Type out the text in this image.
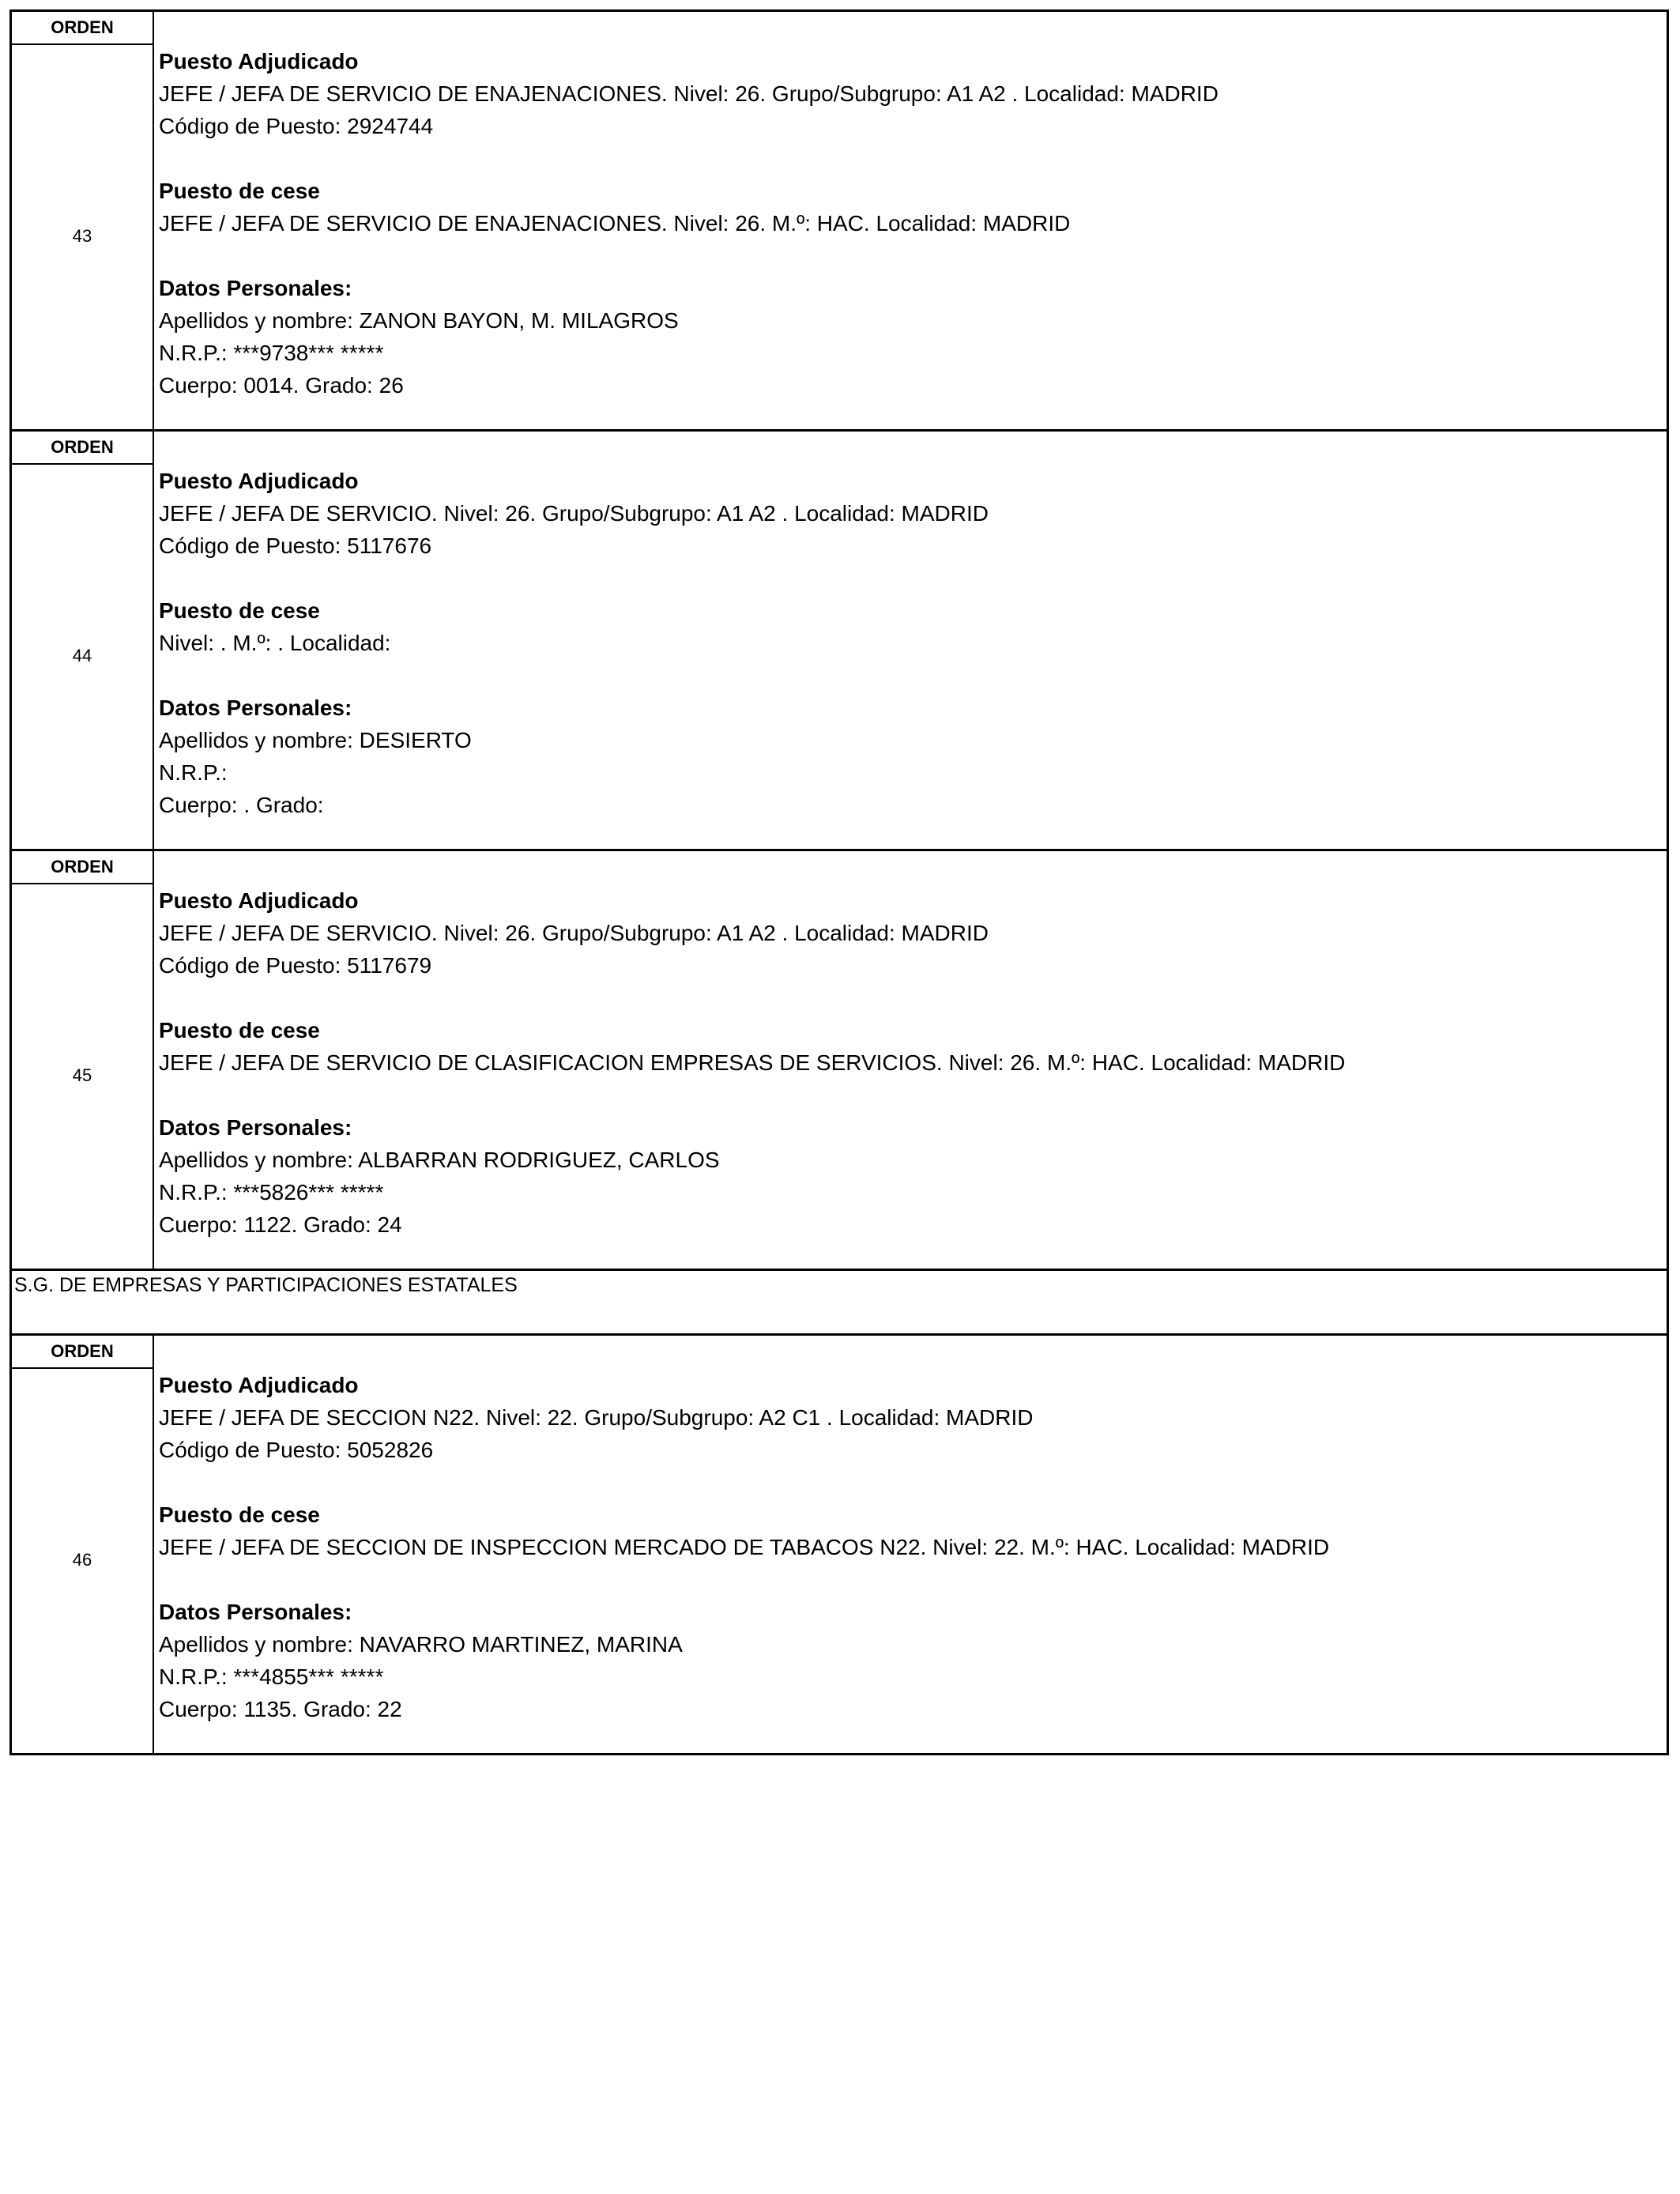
ORDEN
43
Puesto Adjudicado
JEFE / JEFA DE SERVICIO DE ENAJENACIONES. Nivel: 26. Grupo/Subgrupo: A1 A2 . Localidad: MADRID
Código de Puesto: 2924744
Puesto de cese
JEFE / JEFA DE SERVICIO DE ENAJENACIONES. Nivel: 26. M.º: HAC. Localidad: MADRID
Datos Personales:
Apellidos y nombre: ZANON BAYON, M. MILAGROS
N.R.P.: ***9738*** *****
Cuerpo: 0014. Grado: 26
ORDEN
44
Puesto Adjudicado
JEFE / JEFA DE SERVICIO. Nivel: 26. Grupo/Subgrupo: A1 A2 . Localidad: MADRID
Código de Puesto: 5117676
Puesto de cese
Nivel: . M.º: . Localidad:
Datos Personales:
Apellidos y nombre: DESIERTO
N.R.P.:
Cuerpo: . Grado:
ORDEN
45
Puesto Adjudicado
JEFE / JEFA DE SERVICIO. Nivel: 26. Grupo/Subgrupo: A1 A2 . Localidad: MADRID
Código de Puesto: 5117679
Puesto de cese
JEFE / JEFA DE SERVICIO DE CLASIFICACION EMPRESAS DE SERVICIOS. Nivel: 26. M.º: HAC. Localidad: MADRID
Datos Personales:
Apellidos y nombre: ALBARRAN RODRIGUEZ, CARLOS
N.R.P.: ***5826*** *****
Cuerpo: 1122. Grado: 24
S.G. DE EMPRESAS Y PARTICIPACIONES ESTATALES
ORDEN
46
Puesto Adjudicado
JEFE / JEFA DE SECCION N22. Nivel: 22. Grupo/Subgrupo: A2 C1 . Localidad: MADRID
Código de Puesto: 5052826
Puesto de cese
JEFE / JEFA DE SECCION DE INSPECCION MERCADO DE TABACOS N22. Nivel: 22. M.º: HAC. Localidad: MADRID
Datos Personales:
Apellidos y nombre: NAVARRO MARTINEZ, MARINA
N.R.P.: ***4855*** *****
Cuerpo: 1135. Grado: 22
